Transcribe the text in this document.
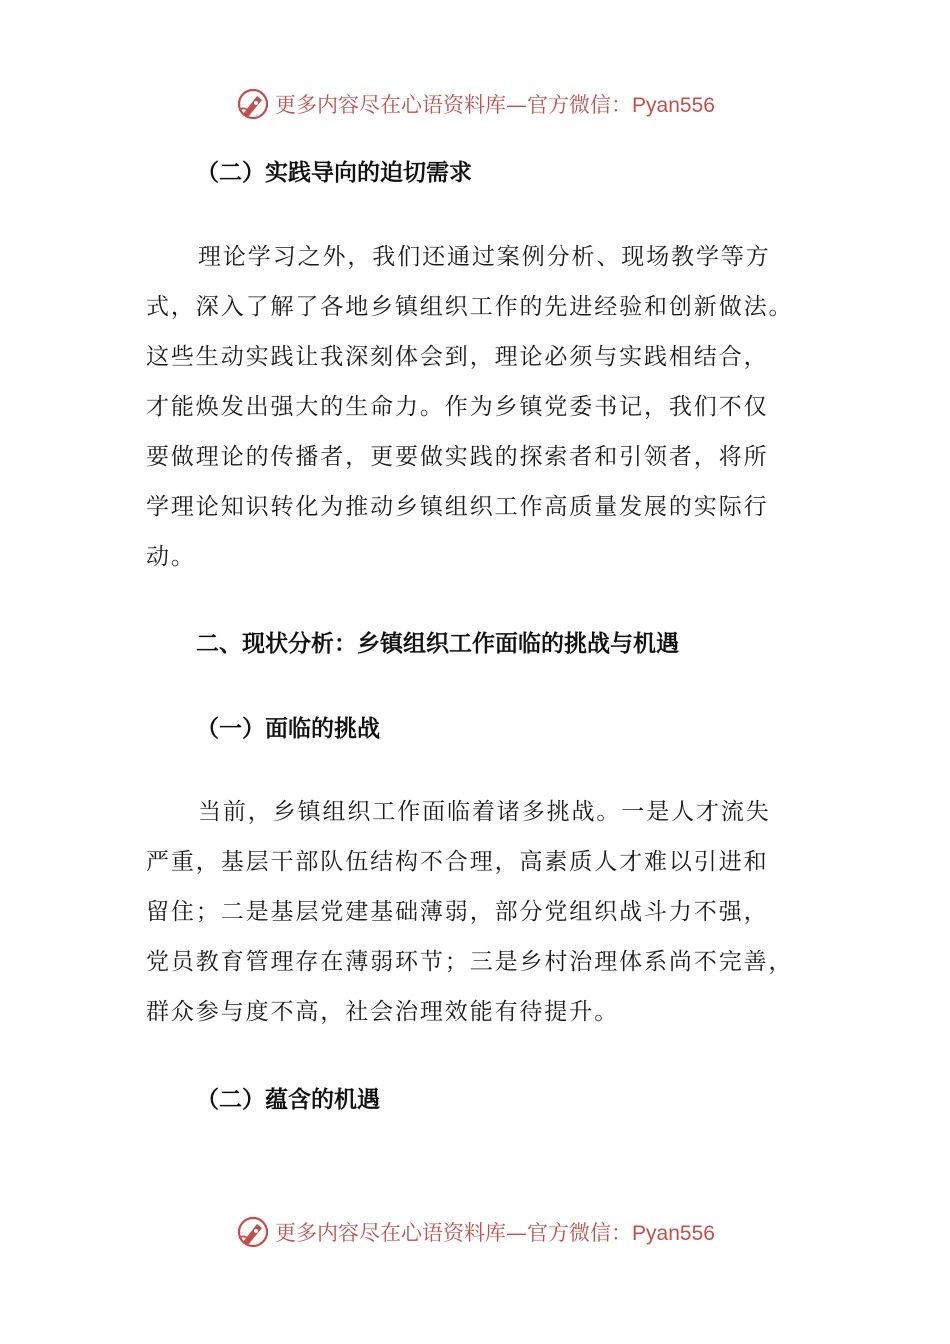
更多内容尽在心语资料库—官方微信：Pyan556
（二）实践导向的迫切需求
理论学习之外，我们还通过案例分析、现场教学等方
式，深入了解了各地乡镇组织工作的先进经验和创新做法。
这些生动实践让我深刻体会到，理论必须与实践相结合，
才能焕发出强大的生命力。作为乡镇党委书记，我们不仅
要做理论的传播者，更要做实践的探索者和引领者，将所
学理论知识转化为推动乡镇组织工作高质量发展的实际行
动。
二、现状分析：乡镇组织工作面临的挑战与机遇
（一）面临的挑战
当前，乡镇组织工作面临着诸多挑战。一是人才流失
严重，基层干部队伍结构不合理，高素质人才难以引进和
留住；二是基层党建基础薄弱，部分党组织战斗力不强，
党员教育管理存在薄弱环节；三是乡村治理体系尚不完善，
群众参与度不高，社会治理效能有待提升。
（二）蕴含的机遇
更多内容尽在心语资料库—官方微信：Pyan556
